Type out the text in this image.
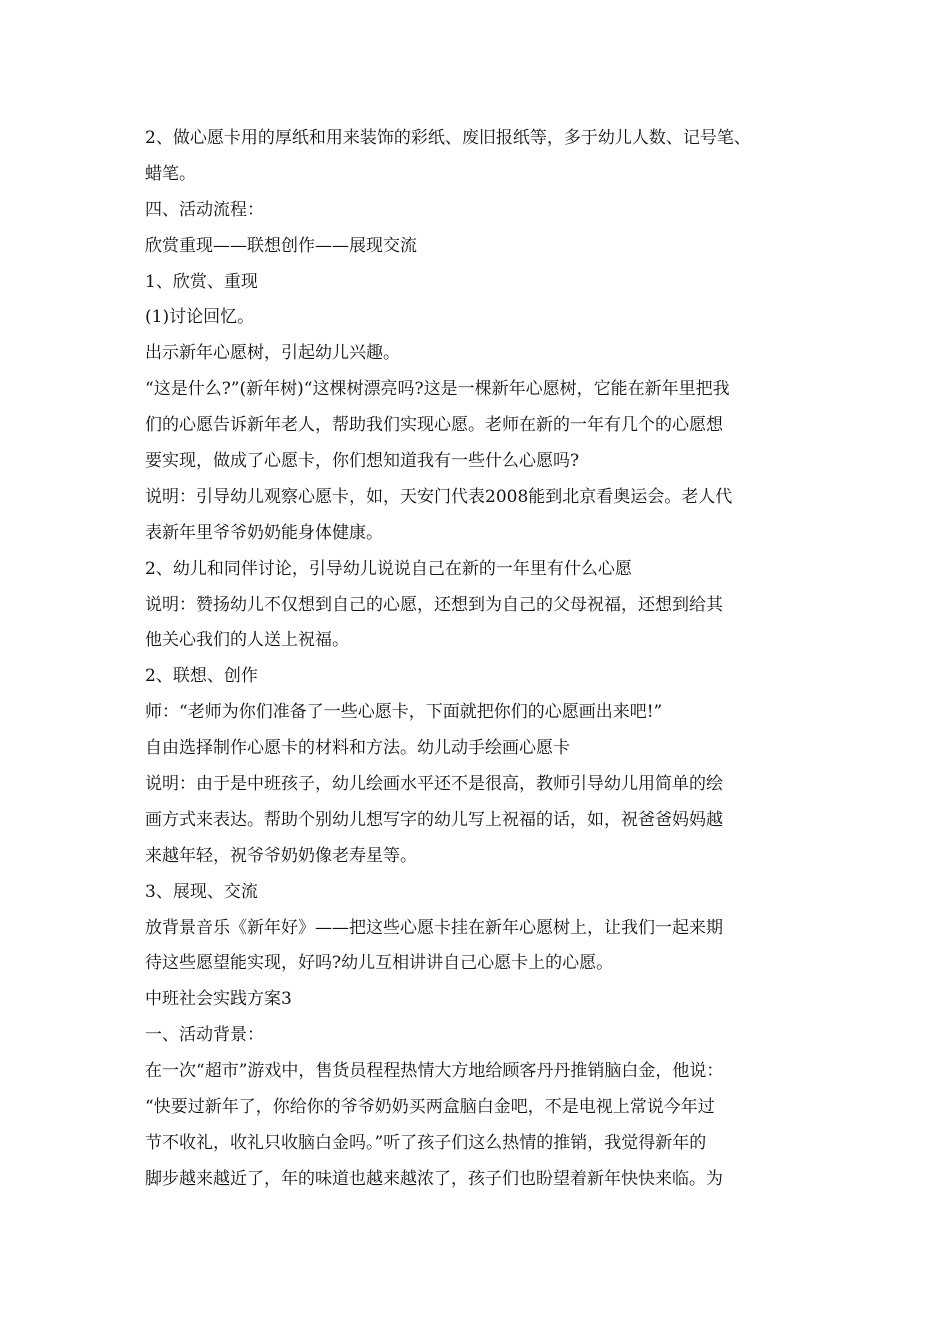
2、做心愿卡用的厚纸和用来装饰的彩纸、废旧报纸等，多于幼儿人数、记号笔、
蜡笔。
四、活动流程：
欣赏重现——联想创作——展现交流
1、欣赏、重现
(1)讨论回忆。
出示新年心愿树，引起幼儿兴趣。
“这是什么?”(新年树)“这棵树漂亮吗?这是一棵新年心愿树，它能在新年里把我
们的心愿告诉新年老人，帮助我们实现心愿。老师在新的一年有几个的心愿想
要实现，做成了心愿卡，你们想知道我有一些什么心愿吗?
说明：引导幼儿观察心愿卡，如，天安门代表2008能到北京看奥运会。老人代
表新年里爷爷奶奶能身体健康。
2、幼儿和同伴讨论，引导幼儿说说自己在新的一年里有什么心愿
说明：赞扬幼儿不仅想到自己的心愿，还想到为自己的父母祝福，还想到给其
他关心我们的人送上祝福。
2、联想、创作
师：“老师为你们准备了一些心愿卡，下面就把你们的心愿画出来吧!”
自由选择制作心愿卡的材料和方法。幼儿动手绘画心愿卡
说明：由于是中班孩子，幼儿绘画水平还不是很高，教师引导幼儿用简单的绘
画方式来表达。帮助个别幼儿想写字的幼儿写上祝福的话，如，祝爸爸妈妈越
来越年轻，祝爷爷奶奶像老寿星等。
3、展现、交流
放背景音乐《新年好》——把这些心愿卡挂在新年心愿树上，让我们一起来期
待这些愿望能实现，好吗?幼儿互相讲讲自己心愿卡上的心愿。
中班社会实践方案3
一、活动背景：
在一次“超市”游戏中，售货员程程热情大方地给顾客丹丹推销脑白金，他说：
“快要过新年了，你给你的爷爷奶奶买两盒脑白金吧，不是电视上常说今年过
节不收礼，收礼只收脑白金吗。”听了孩子们这么热情的推销，我觉得新年的
脚步越来越近了，年的味道也越来越浓了，孩子们也盼望着新年快快来临。为
